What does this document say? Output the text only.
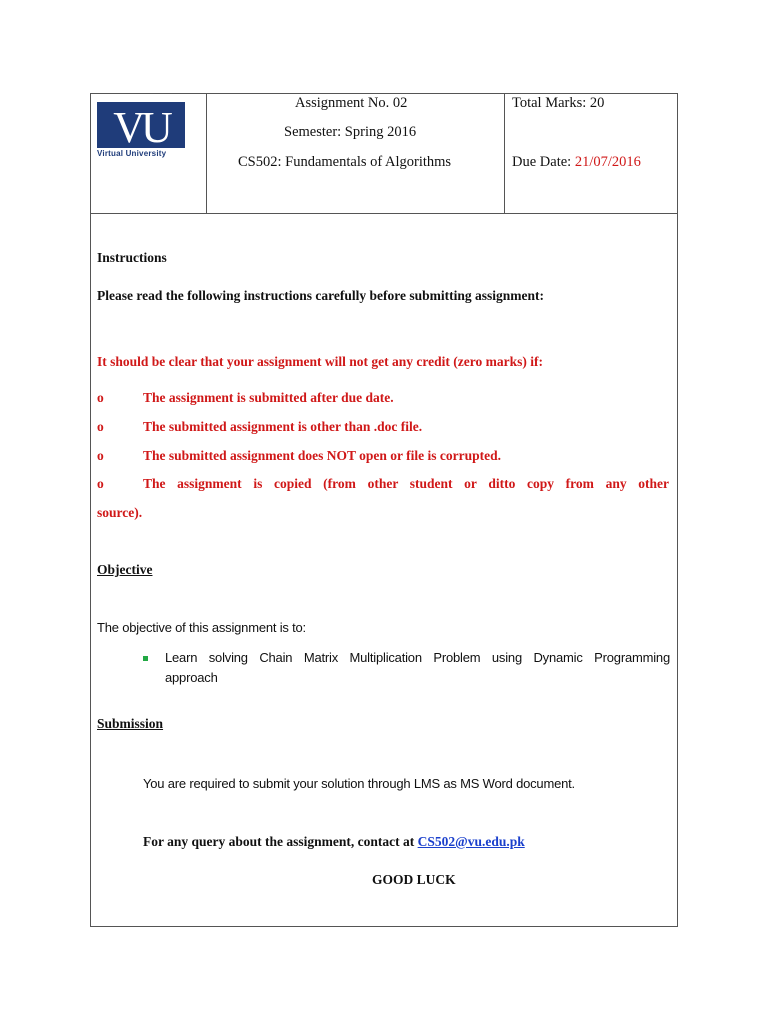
VU
Virtual University
Assignment No. 02
Semester: Spring 2016
CS502: Fundamentals of Algorithms
Total Marks: 20
Due Date: 21/07/2016
Instructions
Please read the following instructions carefully before submitting assignment:
It should be clear that your assignment will not get any credit (zero marks) if:
o	The assignment is submitted after due date.
o	The submitted assignment is other than .doc file.
o	The submitted assignment does NOT open or file is corrupted.
o	The assignment is copied (from other student or ditto copy from any other
source).
Objective
The objective of this assignment is to:
Learn solving Chain Matrix Multiplication Problem using Dynamic Programming
approach
Submission
You are required to submit your solution through LMS as MS Word document.
For any query about the assignment, contact at CS502@vu.edu.pk
GOOD LUCK
